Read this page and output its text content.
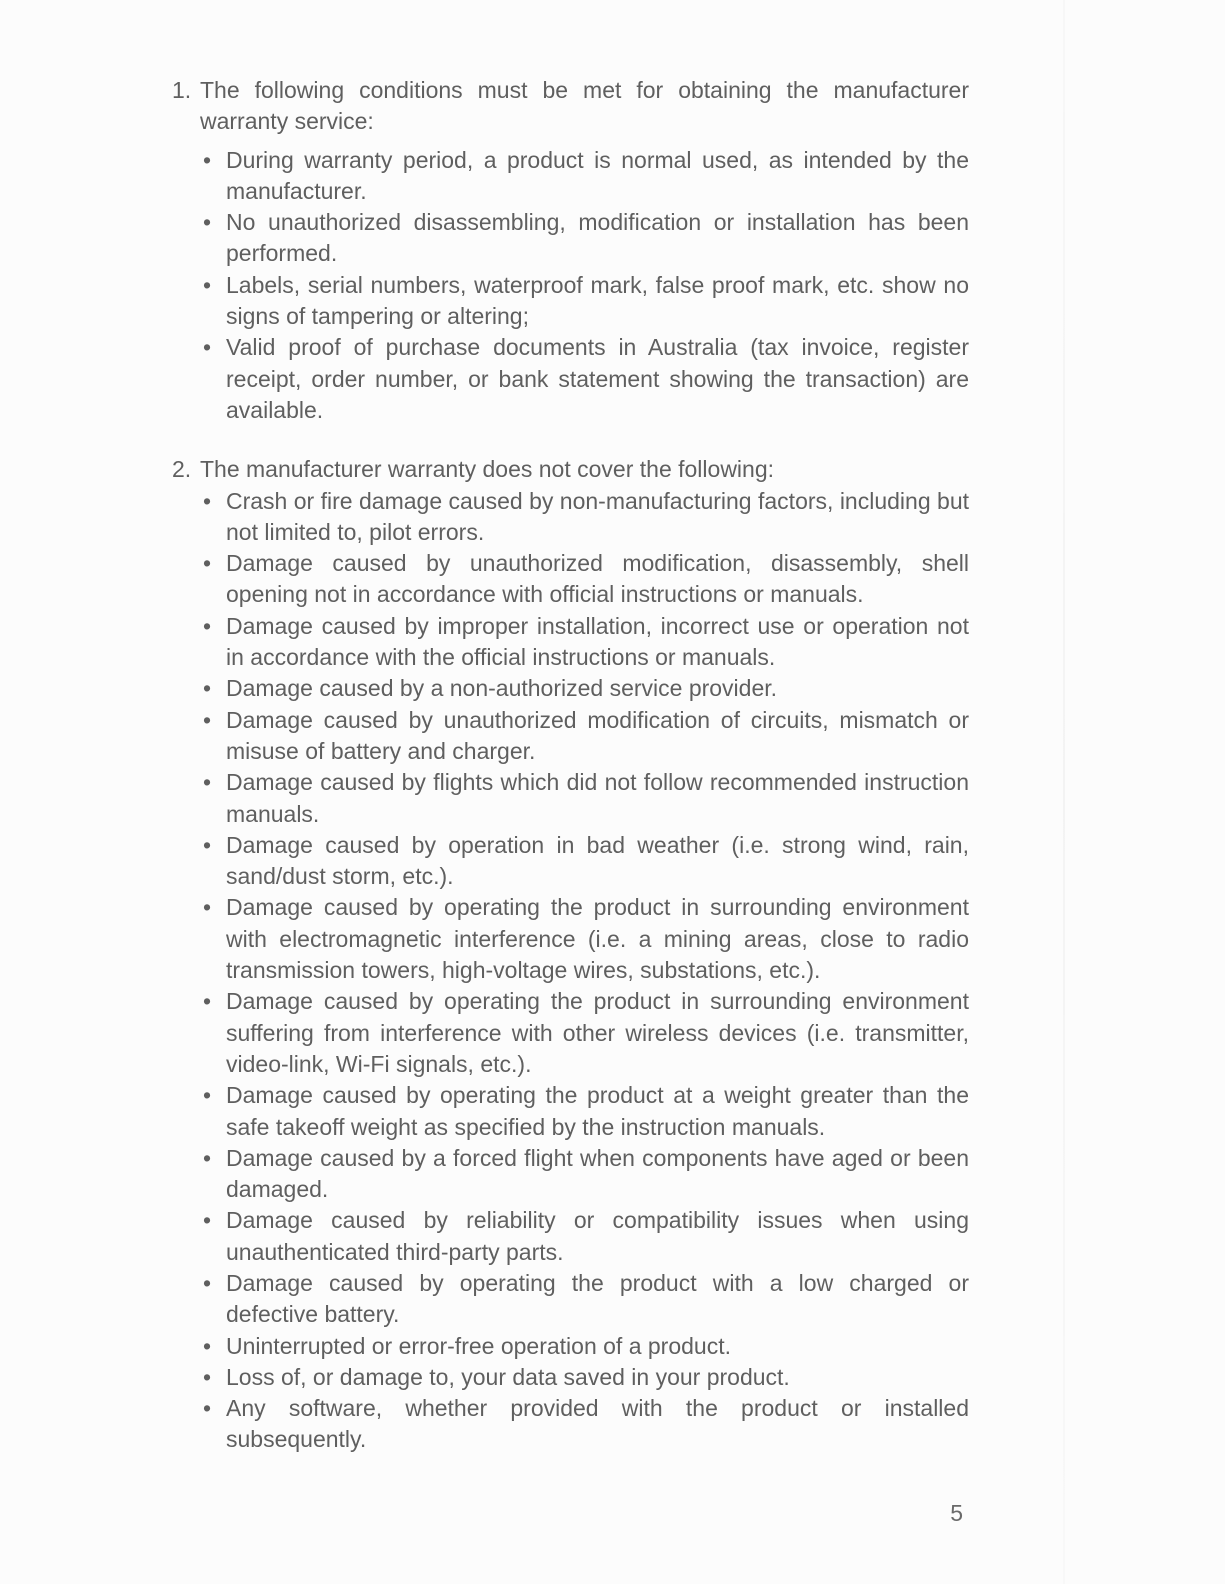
1. The following conditions must be met for obtaining the manufacturer warranty service:
• During warranty period, a product is normal used, as intended by the manufacturer.
• No unauthorized disassembling, modification or installation has been performed.
• Labels, serial numbers, waterproof mark, false proof mark, etc. show no signs of tampering or altering;
• Valid proof of purchase documents in Australia (tax invoice, register receipt, order number, or bank statement showing the transaction) are available.
2. The manufacturer warranty does not cover the following:
• Crash or fire damage caused by non-manufacturing factors, including but not limited to, pilot errors.
• Damage caused by unauthorized modification, disassembly, shell opening not in accordance with official instructions or manuals.
• Damage caused by improper installation, incorrect use or operation not in accordance with the official instructions or manuals.
• Damage caused by a non-authorized service provider.
• Damage caused by unauthorized modification of circuits, mismatch or misuse of battery and charger.
• Damage caused by flights which did not follow recommended instruction manuals.
• Damage caused by operation in bad weather (i.e. strong wind, rain, sand/dust storm, etc.).
• Damage caused by operating the product in surrounding environment with electromagnetic interference (i.e. a mining areas, close to radio transmission towers, high-voltage wires, substations, etc.).
• Damage caused by operating the product in surrounding environment suffering from interference with other wireless devices (i.e. transmitter, video-link, Wi-Fi signals, etc.).
• Damage caused by operating the product at a weight greater than the safe takeoff weight as specified by the instruction manuals.
• Damage caused by a forced flight when components have aged or been damaged.
• Damage caused by reliability or compatibility issues when using unauthenticated third-party parts.
• Damage caused by operating the product with a low charged or defective battery.
• Uninterrupted or error-free operation of a product.
• Loss of, or damage to, your data saved in your product.
• Any software, whether provided with the product or installed subsequently.
5
